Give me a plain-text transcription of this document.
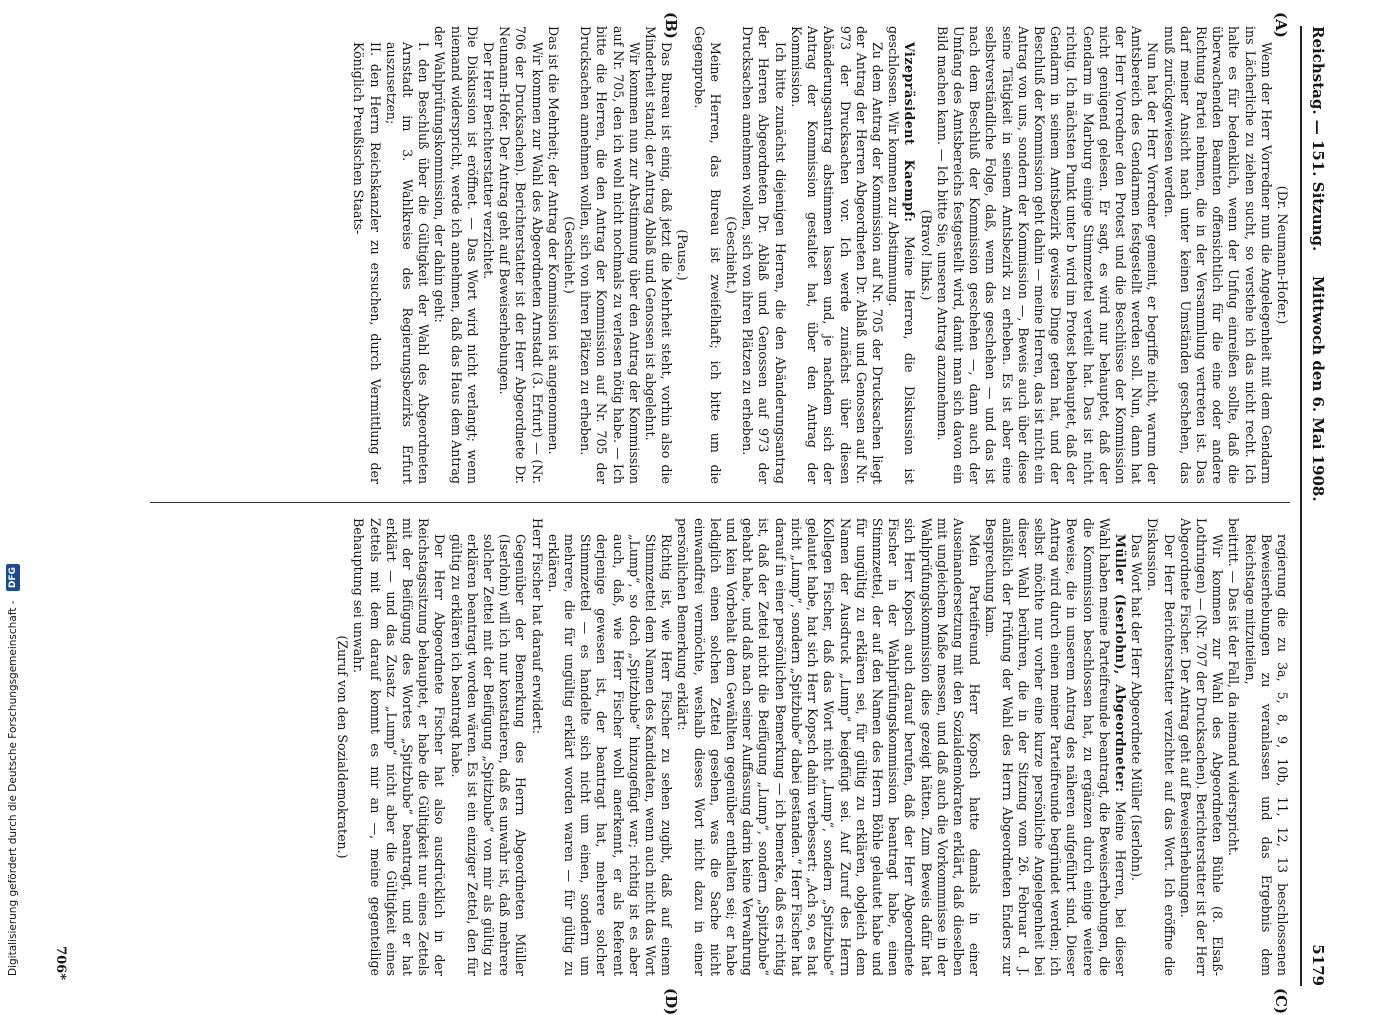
Reichstag. — 151. Sitzung.
Mittwoch den 6. Mai 1908.
5179
(A)
(B)
(C)
(D)

(Dr. Neumann-Hofer.)

Wenn der Herr Vorredner nun die Angelegenheit mit dem Gendarm ins Lächerliche zu ziehen sucht, so verstehe ich das nicht recht. Ich halte es für bedenklich, wenn der Unfug einreißen sollte, daß die überwachenden Beamten offensichtlich für die eine oder andere Richtung Partei nehmen, die in der Versammlung vertreten ist. Das darf meiner Ansicht nach unter keinen Umständen geschehen, das muß zurückgewiesen werden.

Nun hat der Herr Vorredner gemeint, er begriffe nicht, warum der Amtsbereich des Gendarmen festgestellt werden soll. Nun, dann hat der Herr Vorredner den Protest und die Beschlüsse der Kommission nicht genügend gelesen. Er sagt, es wird nur behauptet, daß der Gendarm in Marburg einige Stimmzettel verteilt hat. Das ist nicht richtig. Ich nächsten Punkt unter b wird im Protest behauptet, daß der Gendarm in seinem Amtsbezirk gewisse Dinge getan hat, und der Beschluß der Kommission geht dahin — meine Herren, das ist nicht ein Antrag von uns, sondern der Kommission —, Beweis auch über diese seine Tätigkeit in seinem Amtsbezirk zu erheben. Es ist aber eine selbstverständliche Folge, daß, wenn das geschehen — und das ist nach dem Beschluß der Kommission geschehen —, dann auch der Umfang des Amtsbereichs festgestellt wird, damit man sich davon ein Bild machen kann. — Ich bitte Sie, unseren Antrag anzunehmen.

(Bravo! links.)

Vizepräsident Kaempf: Meine Herren, die Diskussion ist geschlossen. Wir kommen zur Abstimmung.

Zu dem Antrag der Kommission auf Nr. 705 der Drucksachen liegt der Antrag der Herren Abgeordneten Dr. Ablaß und Genossen auf Nr. 973 der Drucksachen vor. Ich werde zunächst über diesen Abänderungsantrag abstimmen lassen und, je nachdem sich der Antrag der Kommission gestaltet hat, über den Antrag der Kommission.

Ich bitte zunächst diejenigen Herren, die den Abänderungsantrag der Herren Abgeordneten Dr. Ablaß und Genossen auf 973 der Drucksachen annehmen wollen, sich von ihren Plätzen zu erheben.

(Geschieht.)

Meine Herren, das Bureau ist zweifelhaft; ich bitte um die Gegenprobe.

(Pause.)

Das Bureau ist einig, daß jetzt die Mehrheit steht, vorhin also die Minderheit stand; der Antrag Ablaß und Genossen ist abgelehnt.

Wir kommen nun zur Abstimmung über den Antrag der Kommission auf Nr. 705, den ich wohl nicht nochmals zu verlesen nötig habe. — Ich bitte die Herren, die den Antrag der Kommission auf Nr. 705 der Drucksachen annehmen wollen, sich von ihren Plätzen zu erheben.

(Geschieht.)

Das ist die Mehrheit; der Antrag der Kommission ist angenommen.

Wir kommen zur Wahl des Abgeordneten Arnstadt (3. Erfurt) — (Nr. 706 der Drucksachen). Berichterstatter ist der Herr Abgeordnete Dr. Neumann-Hofer. Der Antrag geht auf Beweiserhebungen.

Der Herr Berichterstatter verzichtet.

Die Diskussion ist eröffnet. — Das Wort wird nicht verlangt; wenn niemand widerspricht, werde ich annehmen, daß das Haus dem Antrag der Wahlprüfungskommission, der dahin geht:

I. den Beschluß über die Gültigkeit der Wahl des Abgeordneten Arnstadt im 3. Wahlkreise des Regierungsbezirks Erfurt auszusetzen;

II. den Herrn Reichskanzler zu ersuchen, durch Vermittlung der Königlich Preußischen Staats-

regierung die zu 3a, 5, 8, 9, 10b, 11, 12, 13 beschlossenen Beweiserhebungen zu veranlassen und das Ergebnis dem Reichstage mitzuteilen,

beitritt. — Das ist der Fall, da niemand widerspricht.

Wir kommen zur Wahl des Abgeordneten Bühle (8. Elsaß-Lothringen) — (Nr. 707 der Drucksachen). Berichterstatter ist der Herr Abgeordnete Fischer. Der Antrag geht auf Beweiserhebungen.

Der Herr Berichterstatter verzichtet auf das Wort. Ich eröffne die Diskussion.

Das Wort hat der Herr Abgeordnete Müller (Iserlohn).

Müller (Iserlohn), Abgeordneter: Meine Herren, bei dieser Wahl haben meine Parteifreunde beantragt, die Beweiserhebungen, die die Kommission beschlossen hat, zu ergänzen durch einige weitere Beweise, die in unserem Antrag des näheren aufgeführt sind. Dieser Antrag wird durch einen meiner Parteifreunde begründet werden; ich selbst möchte nur vorher eine kurze persönliche Angelegenheit bei dieser Wahl berühren, die in der Sitzung vom 26. Februar d. J. anläßlich der Prüfung der Wahl des Herrn Abgeordneten Enders zur Besprechung kam.

Mein Parteifreund Herr Kopsch hatte damals in einer Auseinandersetzung mit den Sozialdemokraten erklärt, daß dieselben mit ungleichem Maße messen, und daß auch die Vorkommnisse in der Wahlprüfungskommission dies gezeigt hätten. Zum Beweis dafür hat sich Herr Kopsch auch darauf berufen, daß der Herr Abgeordnete Fischer in der Wahlprüfungskommission beantragt habe, einen Stimmzettel, der auf den Namen des Herrn Böhle gelautet habe und für ungültig zu erklären sei, für gültig zu erklären, obgleich dem Namen der Ausdruck „Lump“ beigefügt sei. Auf Zuruf des Herrn Kollegen Fischer, daß das Wort nicht „Lump“, sondern „Spitzbube“ gelautet habe, hat sich Herr Kopsch dahin verbessert: „Ach so, es hat nicht „Lump“, sondern „Spitzbube“ dabei gestanden.“ Herr Fischer hat darauf in einer persönlichen Bemerkung — ich bemerke, daß es richtig ist, daß der Zettel nicht die Beifügung „Lump“, sondern „Spitzbube“ gehabt habe, und daß nach seiner Auffassung darin keine Verwahrung und kein Vorbehalt dem Gewählten gegenüber enthalten sei; er habe lediglich einen solchen Zettel gesehen, was die Sache nicht einwandfrei vermöchte, weshalb dieses Wort nicht dazu in einer persönlichen Bemerkung erklärt:

Richtig ist, wie Herr Fischer zu sehen zugibt, daß auf einem Stimmzettel dem Namen des Kandidaten, wenn auch nicht das Wort „Lump“, so doch „Spitzbube“ hinzugefügt war; richtig ist es aber auch, daß, wie Herr Fischer wohl anerkennt, er als Referent derjenige gewesen ist, der beantragt hat, mehrere solcher Stimmzettel — es handelte sich nicht um einen, sondern um mehrere, die für ungültig erklärt worden waren — für gültig zu erklären.

Herr Fischer hat darauf erwidert:

Gegenüber der Bemerkung des Herrn Abgeordneten Müller (Iserlohn) will ich nur konstatieren, daß es unwahr ist, daß mehrere solcher Zettel mit der Beifügung „Spitzbube“ von mir als gültig zu erklären beantragt worden wären. Es ist ein einziger Zettel, den für gültig zu erklären ich beantragt habe.

Der Herr Abgeordnete Fischer hat also ausdrücklich in der Reichstagssitzung behauptet, er habe die Gültigkeit nur eines Zettels mit der Beifügung des Wortes „Spitzbube“ beantragt, und er hat erklärt — und das Zusatz „Lump“ nicht aber die Gültigkeit eines Zettels mit dem darauf kommt es mir an —, meine gegenteilige Behauptung sei unwahr.

(Zuruf von den Sozialdemokraten.)

706*
Digitalisierung gefördert durch die Deutsche Forschungsgemeinschaft - DFG
